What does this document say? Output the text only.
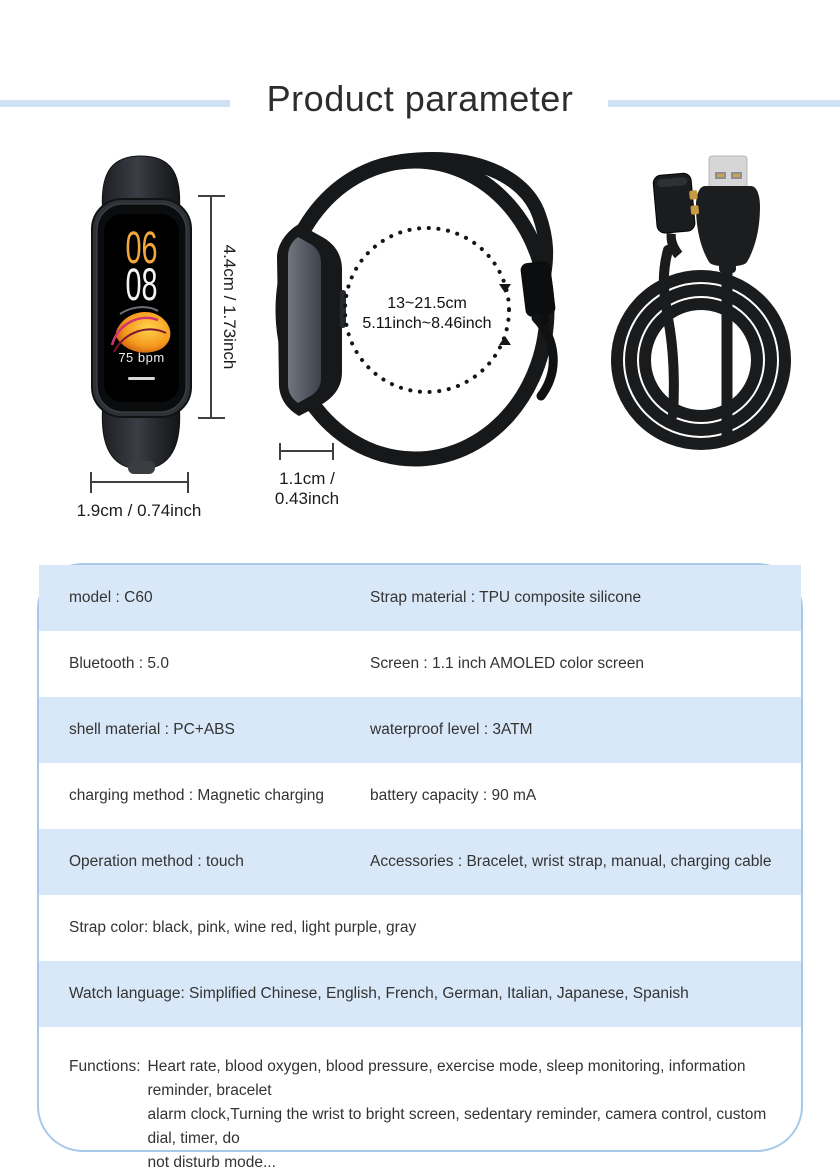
Product parameter
06
08
75 bpm
13~21.5cm
5.11inch~8.46inch
4.4cm / 1.73inch
1.9cm / 0.74inch
1.1cm / 0.43inch
model : C60	Strap material : TPU composite silicone
Bluetooth : 5.0	Screen : 1.1 inch AMOLED color screen
shell material : PC+ABS	waterproof level : 3ATM
charging method : Magnetic charging	battery capacity : 90 mA
Operation method : touch	Accessories : Bracelet, wrist strap, manual, charging cable
Strap color: black, pink, wine red, light purple, gray
Watch language: Simplified Chinese, English, French, German, Italian, Japanese, Spanish
Functions: Heart rate, blood oxygen, blood pressure, exercise mode, sleep monitoring, information reminder, bracelet
alarm clock,Turning the wrist to bright screen, sedentary reminder, camera control, custom dial, timer, do
not disturb mode...
